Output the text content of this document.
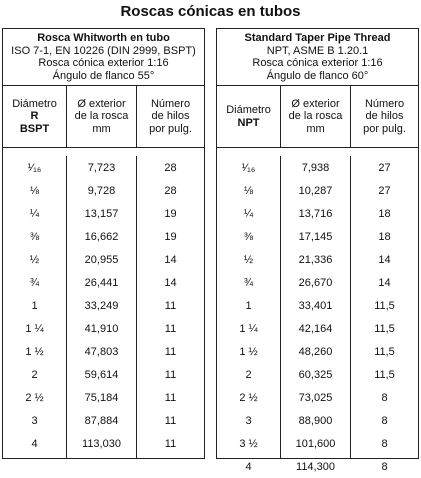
Roscas cónicas en tubos
Rosca Whitworth en tubo
ISO 7-1, EN 10226 (DIN 2999, BSPT)
Rosca cónica exterior 1:16
Ángulo de flanco 55°
Diámetro
R
BSPT
Ø exterior
de la rosca
mm
Número
de hilos
por pulg.
¹⁄₁₆
⅛
¼
⅜
½
¾
1
1 ¼
1 ½
2
2 ½
3
4
7,723
9,728
13,157
16,662
20,955
26,441
33,249
41,910
47,803
59,614
75,184
87,884
113,030
28
28
19
19
14
14
11
11
11
11
11
11
11
Standard Taper Pipe Thread
NPT, ASME B 1.20.1
Rosca cónica exterior 1:16
Ángulo de flanco 60°
Diámetro
NPT
Ø exterior
de la rosca
mm
Número
de hilos
por pulg.
¹⁄₁₆
⅛
¼
⅜
½
¾
1
1 ¼
1 ½
2
2 ½
3
3 ½
4
7,938
10,287
13,716
17,145
21,336
26,670
33,401
42,164
48,260
60,325
73,025
88,900
101,600
114,300
27
27
18
18
14
14
11,5
11,5
11,5
11,5
8
8
8
8
